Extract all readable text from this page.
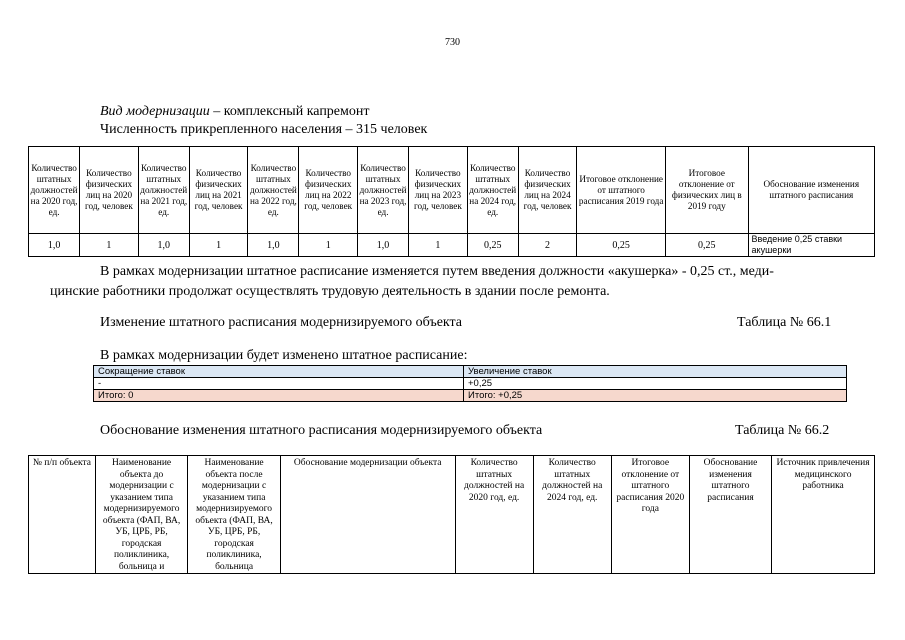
730
Вид модернизации – комплексный капремонт
Численность прикрепленного населения – 315 человек
Количество штатных должностей на 2020 год, ед.	Количество физических лиц на 2020 год, человек	Количество штатных должностей на 2021 год, ед.	Количество физических лиц на 2021 год, человек	Количество штатных должностей на 2022 год, ед.	Количество физических лиц на 2022 год, человек	Количество штатных должностей на 2023 год, ед.	Количество физических лиц на 2023 год, человек	Количество штатных должностей на 2024 год, ед.	Количество физических лиц на 2024 год, человек	Итоговое отклонение от штатного расписания 2019 года	Итоговое отклонение от физических лиц в 2019 году	Обоснование изменения штатного расписания
1,0	1	1,0	1	1,0	1	1,0	1	0,25	2	0,25	0,25	Введение 0,25 ставки акушерки
В рамках модернизации штатное расписание изменяется путем введения должности «акушерка» - 0,25 ст., меди-
цинские работники продолжат осуществлять трудовую деятельность в здании после ремонта.
Изменение штатного расписания модернизируемого объекта	Таблица № 66.1
В рамках модернизации будет изменено штатное расписание:
Сокращение ставок	Увеличение ставок
-	+0,25
Итого: 0	Итого: +0,25
Обоснование изменения штатного расписания модернизируемого объекта	Таблица № 66.2
№ п/п объекта	Наименование объекта до модернизации с указанием типа модернизируемого объекта (ФАП, ВА, УБ, ЦРБ, РБ, городская поликлиника, больница и	Наименование объекта после модернизации с указанием типа модернизируемого объекта (ФАП, ВА, УБ, ЦРБ, РБ, городская поликлиника, больница	Обоснование модернизации объекта	Количество штатных должностей на 2020 год, ед.	Количество штатных должностей на 2024 год, ед.	Итоговое отклонение от штатного расписания 2020 года	Обоснование изменения штатного расписания	Источник привлечения медицинского работника
